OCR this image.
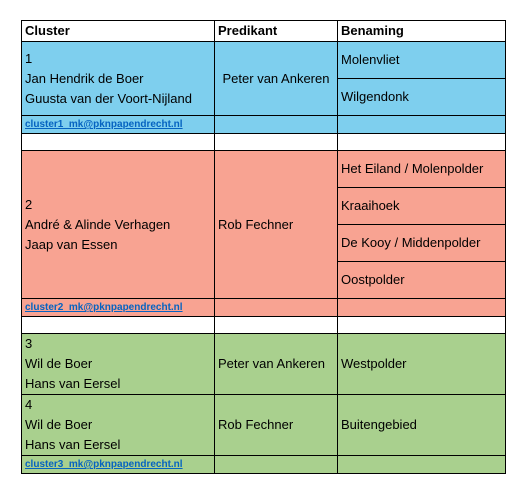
Cluster	Predikant	Benaming

1
Jan Hendrik de Boer
Guusta van der Voort-Nijland	Peter van Ankeren	Molenvliet
		Wilgendonk
cluster1_mk@pknpapendrecht.nl		

2
André & Alinde Verhagen
Jaap van Essen	Rob Fechner	Het Eiland / Molenpolder
		Kraaihoek
		De Kooy / Middenpolder
		Oostpolder
cluster2_mk@pknpapendrecht.nl		

3
Wil de Boer
Hans van Eersel	Peter van Ankeren	Westpolder

4
Wil de Boer
Hans van Eersel	Rob Fechner	Buitengebied
cluster3_mk@pknpapendrecht.nl		
